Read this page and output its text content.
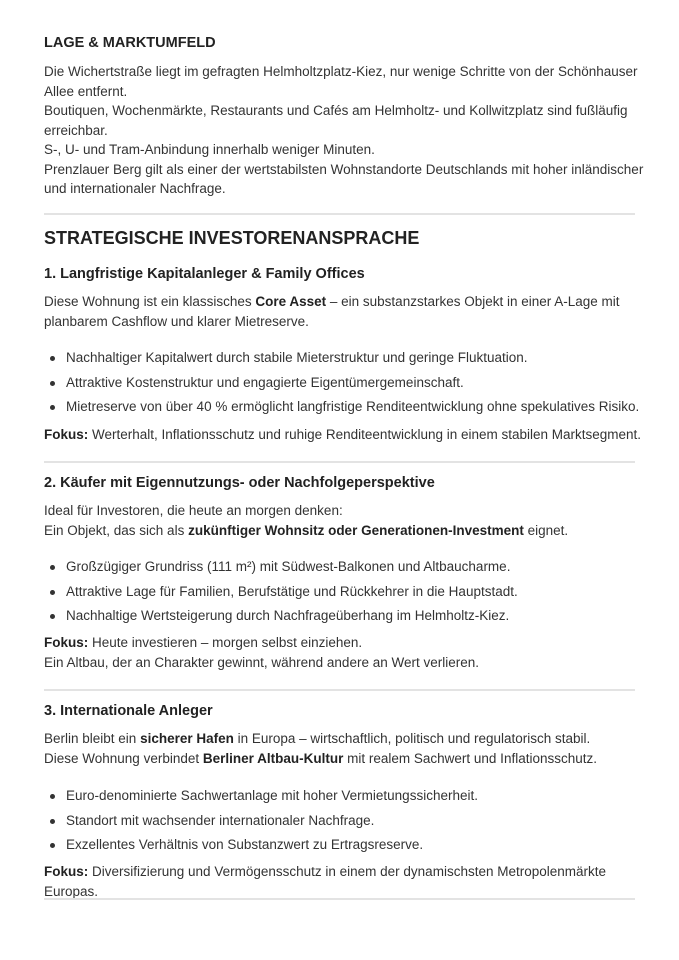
LAGE & MARKTUMFELD

Die Wichertstraße liegt im gefragten Helmholtzplatz-Kiez, nur wenige Schritte von der Schönhauser Allee entfernt.
Boutiquen, Wochenmärkte, Restaurants und Cafés am Helmholtz- und Kollwitzplatz sind fußläufig erreichbar.
S-, U- und Tram-Anbindung innerhalb weniger Minuten.
Prenzlauer Berg gilt als einer der wertstabilsten Wohnstandorte Deutschlands mit hoher inländischer und internationaler Nachfrage.

STRATEGISCHE INVESTORENANSPRACHE
1. Langfristige Kapitalanleger & Family Offices

Diese Wohnung ist ein klassisches Core Asset – ein substanzstarkes Objekt in einer A-Lage mit planbarem Cashflow und klarer Mietreserve.

Nachhaltiger Kapitalwert durch stabile Mieterstruktur und geringe Fluktuation.
Attraktive Kostenstruktur und engagierte Eigentümergemeinschaft.
Mietreserve von über 40 % ermöglicht langfristige Renditeentwicklung ohne spekulatives Risiko.

Fokus: Werterhalt, Inflationsschutz und ruhige Renditeentwicklung in einem stabilen Marktsegment.

2. Käufer mit Eigennutzungs- oder Nachfolgeperspektive

Ideal für Investoren, die heute an morgen denken:
Ein Objekt, das sich als zukünftiger Wohnsitz oder Generationen-Investment eignet.

Großzügiger Grundriss (111 m²) mit Südwest-Balkonen und Altbaucharme.
Attraktive Lage für Familien, Berufstätige und Rückkehrer in die Hauptstadt.
Nachhaltige Wertsteigerung durch Nachfrageüberhang im Helmholtz-Kiez.

Fokus: Heute investieren – morgen selbst einziehen.
Ein Altbau, der an Charakter gewinnt, während andere an Wert verlieren.

3. Internationale Anleger

Berlin bleibt ein sicherer Hafen in Europa – wirtschaftlich, politisch und regulatorisch stabil.
Diese Wohnung verbindet Berliner Altbau-Kultur mit realem Sachwert und Inflationsschutz.

Euro-denominierte Sachwertanlage mit hoher Vermietungssicherheit.
Standort mit wachsender internationaler Nachfrage.
Exzellentes Verhältnis von Substanzwert zu Ertragsreserve.

Fokus: Diversifizierung und Vermögensschutz in einem der dynamischsten Metropolenmärkte Europas.
